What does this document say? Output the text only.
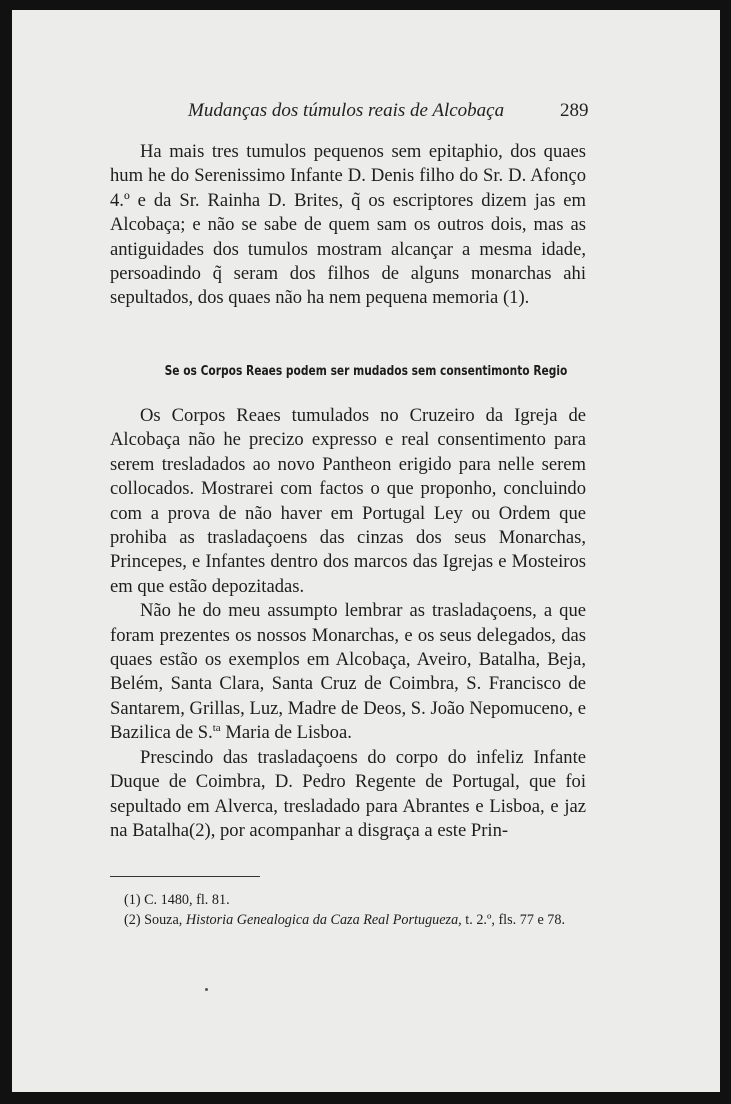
Mudanças dos túmulos reais de Alcobaça	289

Ha mais tres tumulos pequenos sem epitaphio, dos quaes hum he do Serenissimo Infante D. Denis filho do Sr. D. Afonço 4.º e da Sr. Rainha D. Brites, q̃ os escriptores dizem jas em Alcobaça; e não se sabe de quem sam os outros dois, mas as antiguidades dos tumulos mostram alcançar a mesma idade, persoadindo q̃ seram dos filhos de alguns monarchas ahi sepultados, dos quaes não ha nem pequena memoria (1).

Se os Corpos Reaes podem ser mudados sem consentimonto Regio

Os Corpos Reaes tumulados no Cruzeiro da Igreja de Alcobaça não he precizo expresso e real consentimento para serem tresladados ao novo Pantheon erigido para nelle serem collocados. Mostrarei com factos o que proponho, concluindo com a prova de não haver em Portugal Ley ou Ordem que prohiba as trasladaçoens das cinzas dos seus Monarchas, Princepes, e Infantes dentro dos marcos das Igrejas e Mosteiros em que estão depozitadas.

Não he do meu assumpto lembrar as trasladaçoens, a que foram prezentes os nossos Monarchas, e os seus delegados, das quaes estão os exemplos em Alcobaça, Aveiro, Batalha, Beja, Belém, Santa Clara, Santa Cruz de Coimbra, S. Francisco de Santarem, Grillas, Luz, Madre de Deos, S. João Nepomuceno, e Bazilica de S.$^{ta}$ Maria de Lisboa.

Prescindo das trasladaçoens do corpo do infeliz Infante Duque de Coimbra, D. Pedro Regente de Portugal, que foi sepultado em Alverca, tresladado para Abrantes e Lisboa, e jaz na Batalha(2), por acompanhar a disgraça a este Prin-

(1) C. 1480, fl. 81.

(2) Souza, Historia Genealogica da Caza Real Portugueza, t. 2.º, fls. 77 e 78.
